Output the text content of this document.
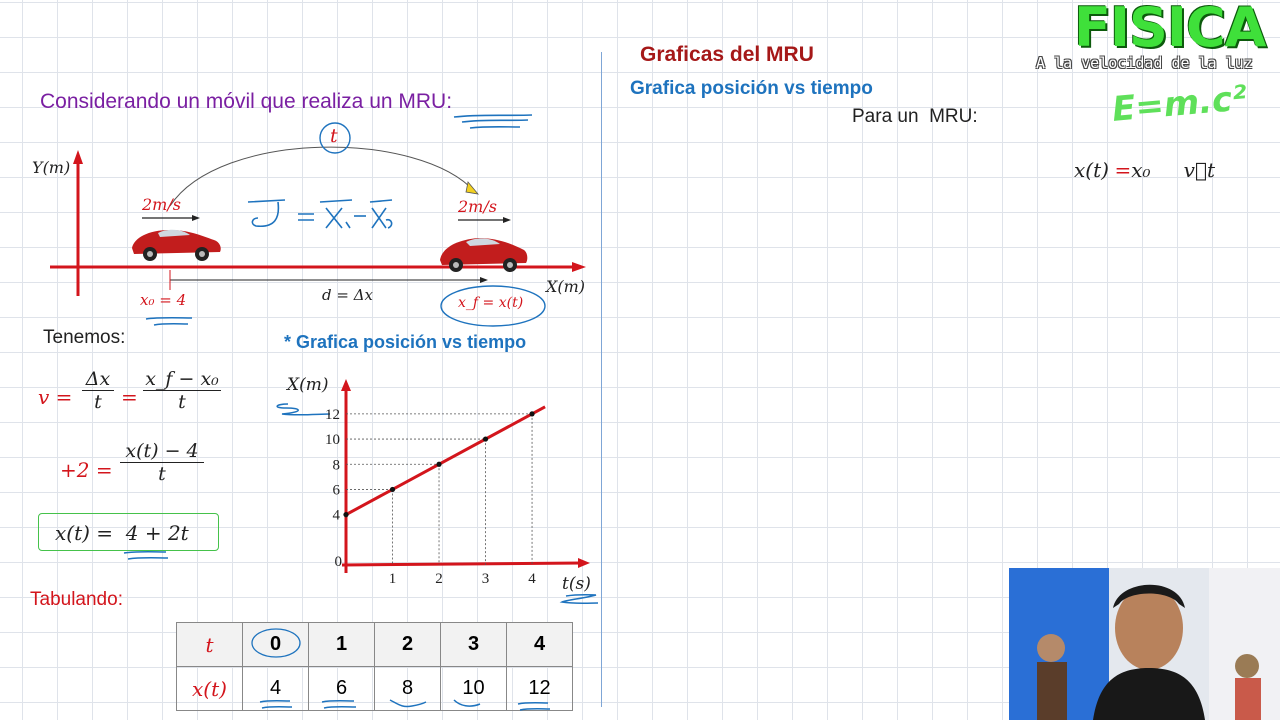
FISICA
A la velocidad de la luz
E=m.c²
Considerando un móvil que realiza un MRU:
t
Y(m)
X(m)
2m/s	2m/s
x₀ = 4	d = Δx	x_f = x(t)
Tenemos:
$v = \frac{\Delta x}{t} = \frac{\text{x\_f − x₀}}{t}$
$+2 = \frac{x(t) - 4}{t}$
x(t) =  4 + 2t
Tabulando:
* Grafica posición vs tiempo
X(m)
t(s)
4
1
6
2
8
3
10
4
12
0
t	0	1	2	3	4
x(t)	4	6	8	10	12
Graficas del MRU
Grafica posición vs tiempo
Para un  MRU:
x(t) =x₀ v⃗t
